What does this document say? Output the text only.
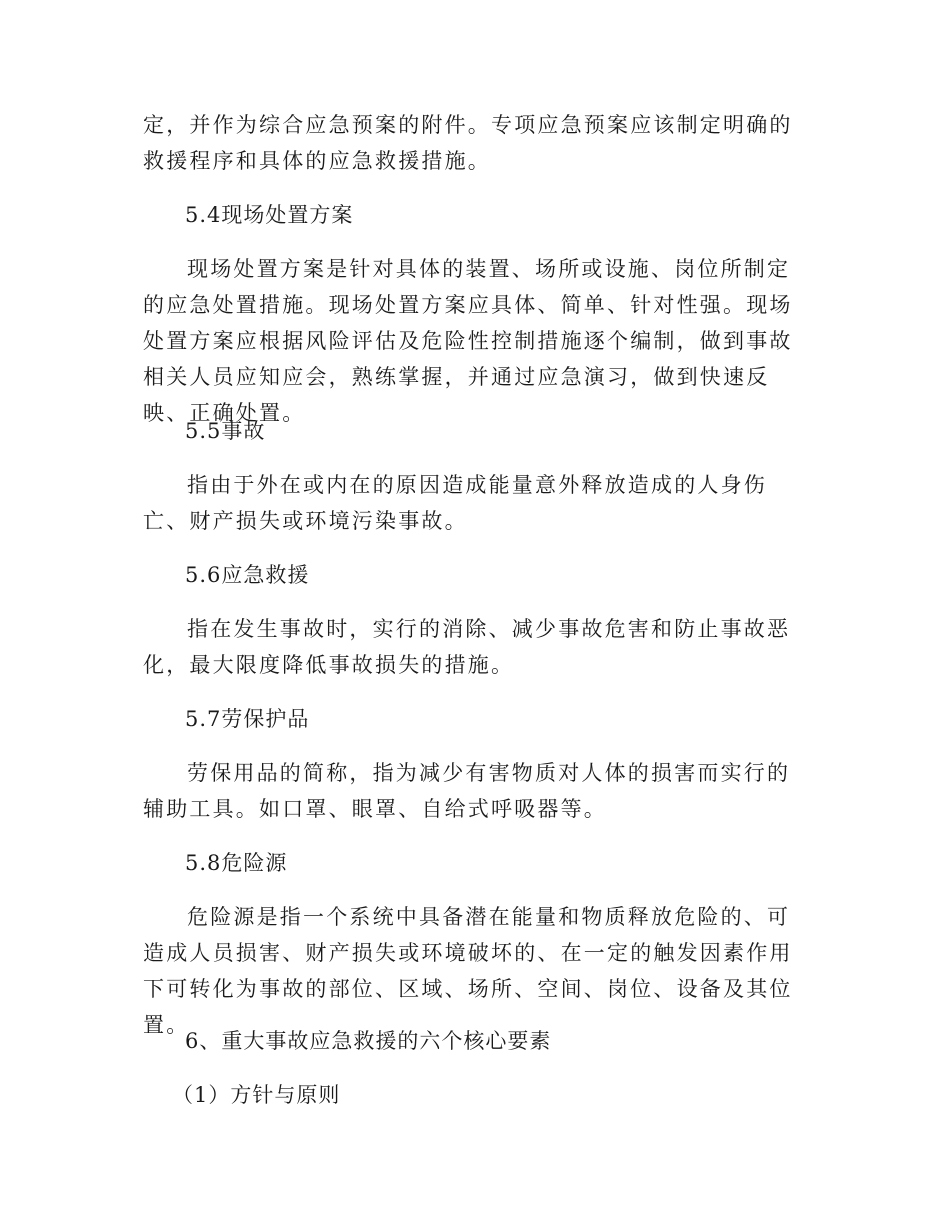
定，并作为综合应急预案的附件。专项应急预案应该制定明确的救援程序和具体的应急救援措施。

5.4现场处置方案

现场处置方案是针对具体的装置、场所或设施、岗位所制定的应急处置措施。现场处置方案应具体、简单、针对性强。现场处置方案应根据风险评估及危险性控制措施逐个编制，做到事故相关人员应知应会，熟练掌握，并通过应急演习，做到快速反映、正确处置。

5.5事故

指由于外在或内在的原因造成能量意外释放造成的人身伤亡、财产损失或环境污染事故。

5.6应急救援

指在发生事故时，实行的消除、减少事故危害和防止事故恶化，最大限度降低事故损失的措施。

5.7劳保护品

劳保用品的简称，指为减少有害物质对人体的损害而实行的辅助工具。如口罩、眼罩、自给式呼吸器等。

5.8危险源

危险源是指一个系统中具备潜在能量和物质释放危险的、可造成人员损害、财产损失或环境破坏的、在一定的触发因素作用下可转化为事故的部位、区域、场所、空间、岗位、设备及其位置。

6、重大事故应急救援的六个核心要素

（1）方针与原则
